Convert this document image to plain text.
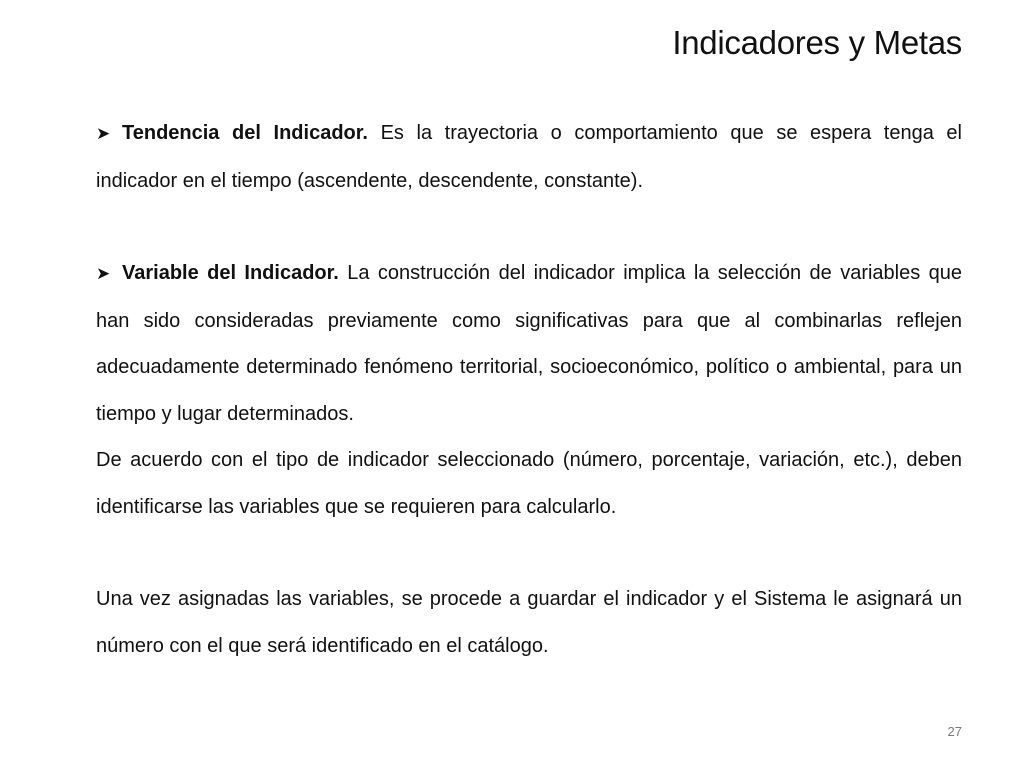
Indicadores y Metas

➤ Tendencia del Indicador. Es la trayectoria o comportamiento que se espera tenga el indicador en el tiempo (ascendente, descendente, constante).

➤ Variable del Indicador. La construcción del indicador implica la selección de variables que han sido consideradas previamente como significativas para que al combinarlas reflejen adecuadamente determinado fenómeno territorial, socioeconómico, político o ambiental, para un tiempo y lugar determinados.

De acuerdo con el tipo de indicador seleccionado (número, porcentaje, variación, etc.), deben identificarse las variables que se requieren para calcularlo.

Una vez asignadas las variables, se procede a guardar el indicador y el Sistema le asignará un número con el que será identificado en el catálogo.

27
